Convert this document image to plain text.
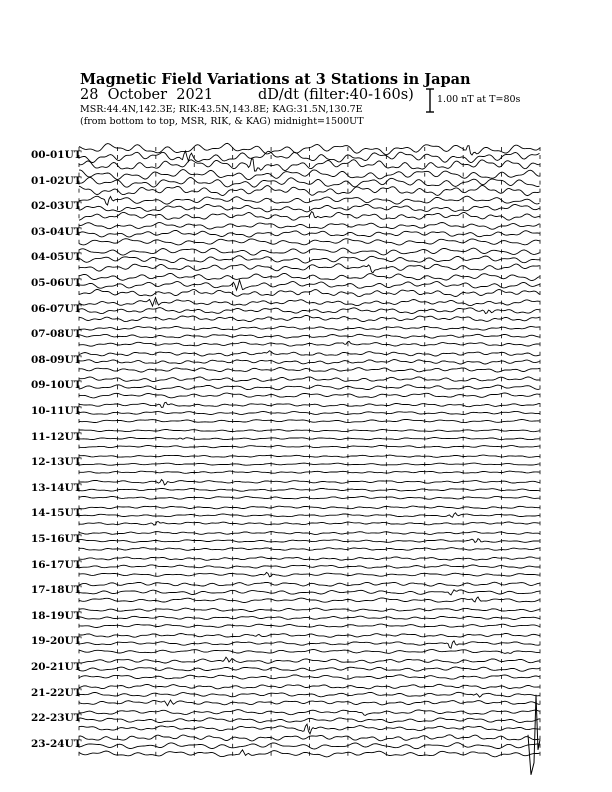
Magnetic Field Variations at 3 Stations in Japan
28  October  2021	dD/dt (filter:40-160s)
MSR:44.4N,142.3E; RIK:43.5N,143.8E; KAG:31.5N,130.7E
(from bottom to top, MSR, RIK, & KAG) midnight=1500UT
1.00 nT at T=80s
00-01UT
01-02UT
02-03UT
03-04UT
04-05UT
05-06UT
06-07UT
07-08UT
08-09UT
09-10UT
10-11UT
11-12UT
12-13UT
13-14UT
14-15UT
15-16UT
16-17UT
17-18UT
18-19UT
19-20UT
20-21UT
21-22UT
22-23UT
23-24UT
